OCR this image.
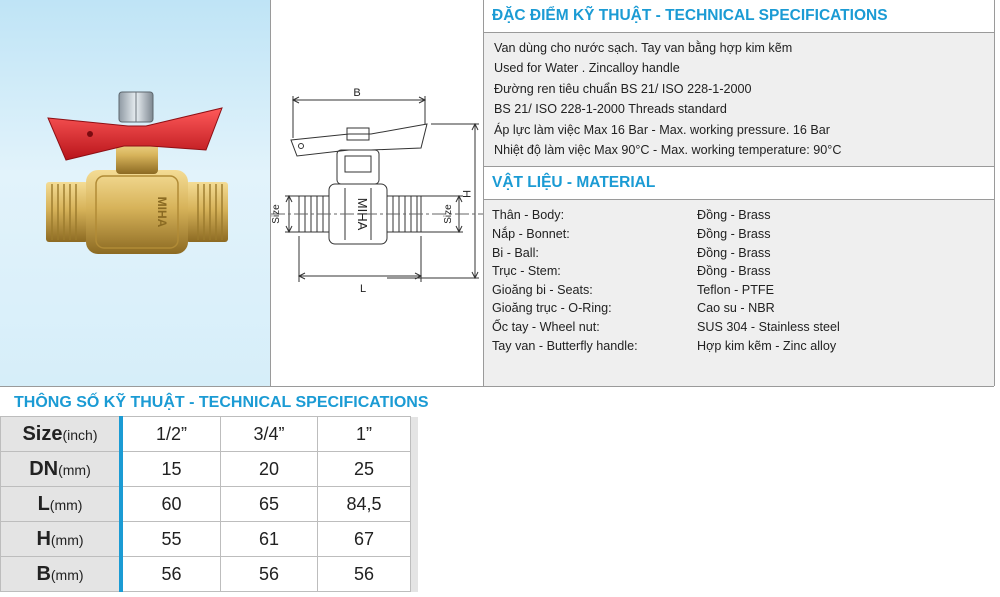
MIHA
B
H
L
Size	Size
MIHA
ĐẶC ĐIỂM KỸ THUẬT - TECHNICAL SPECIFICATIONS
Van dùng cho nước sạch. Tay van bằng hợp kim kẽm
Used for Water . Zincalloy handle
Đường ren tiêu chuẩn BS 21/ ISO 228-1-2000
BS 21/ ISO 228-1-2000 Threads standard
Áp lực làm việc Max 16 Bar - Max. working pressure. 16 Bar
Nhiệt độ làm việc Max 90°C - Max. working temperature: 90°C
VẬT LIỆU - MATERIAL
Thân - Body:	Đồng - Brass
Nắp - Bonnet:	Đồng - Brass
Bi - Ball:	Đồng - Brass
Trục - Stem:	Đồng - Brass
Gioăng bi - Seats:	Teflon - PTFE
Gioăng trục - O-Ring:	Cao su - NBR
Ốc tay - Wheel nut:	SUS 304 - Stainless steel
Tay van - Butterfly handle:	Hợp kim kẽm - Zinc alloy
THÔNG SỐ KỸ THUẬT - TECHNICAL SPECIFICATIONS
Size(inch)	1/2”	3/4”	1”	
DN(mm)	15	20	25	
L(mm)	60	65	84,5	
H(mm)	55	61	67	
B(mm)	56	56	56	
